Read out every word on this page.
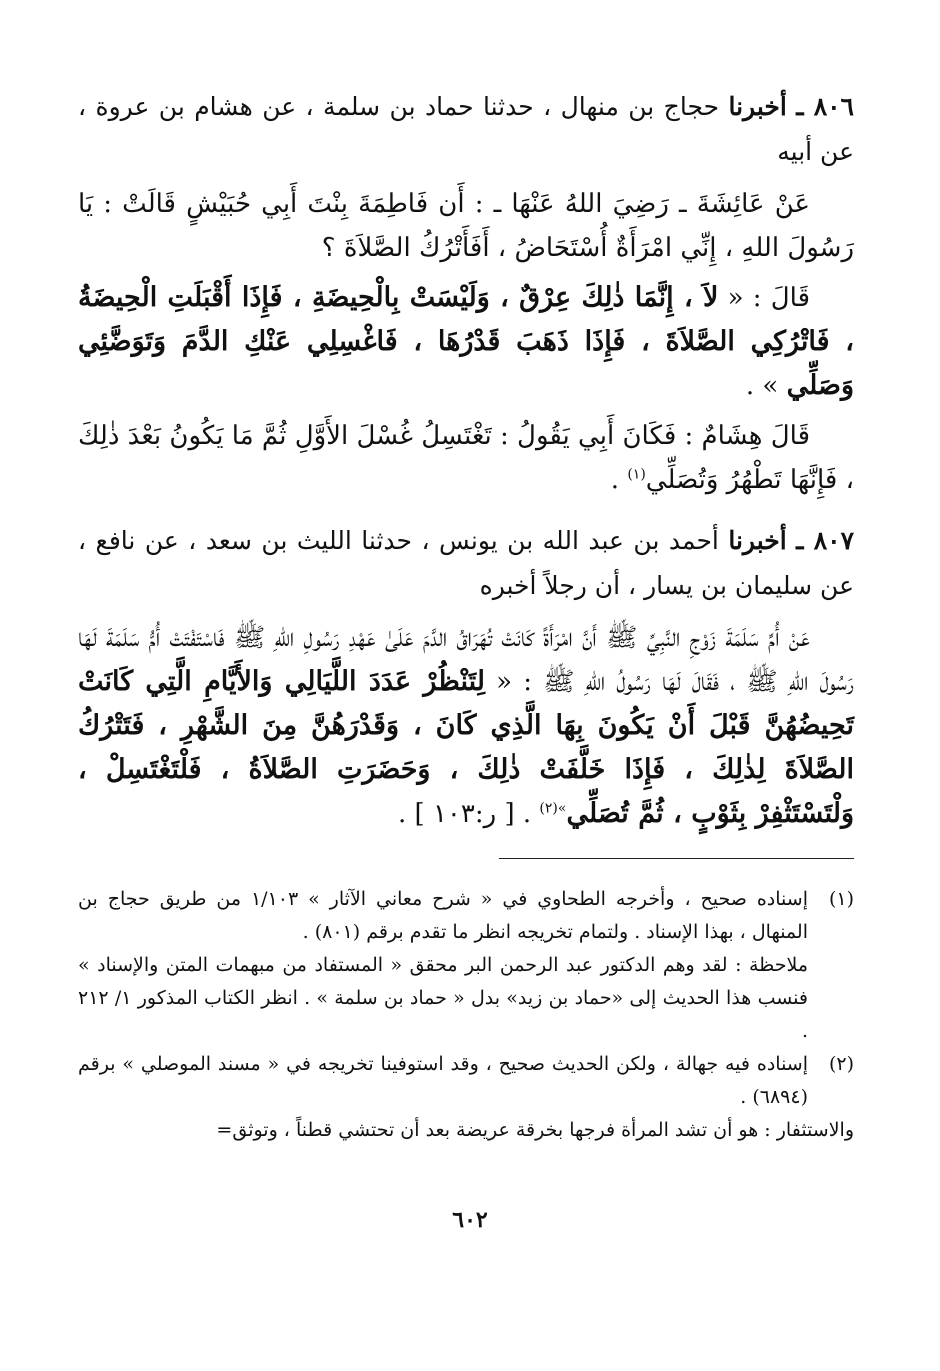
٨٠٦ ـ أخبرنا حجاج بن منهال ، حدثنا حماد بن سلمة ، عن هشام بن عروة ، عن أبيه

عَنْ عَائِشَةَ ـ رَضِيَ اللهُ عَنْهَا ـ : أَن فَاطِمَةَ بِنْتَ أَبِي حُبَيْشٍ قَالَتْ : يَا رَسُولَ اللهِ ، إِنِّي امْرَأَةٌ أُسْتَحَاضُ ، أَفَأَتْرُكُ الصَّلاَةَ ؟

قَالَ : « لاَ ، إِنَّمَا ذٰلِكَ عِرْقٌ ، وَلَيْسَتْ بِالْحِيضَةِ ، فَإِذَا أَقْبَلَتِ الْحِيضَةُ ، فَاتْرُكِي الصَّلاَةَ ، فَإِذَا ذَهَبَ قَدْرُهَا ، فَاغْسِلِي عَنْكِ الدَّمَ وَتَوَضَّئِي وَصَلِّي » .

قَالَ هِشَامٌ : فَكَانَ أَبِي يَقُولُ : تَغْتَسِلُ غُسْلَ الأَوَّلِ ثُمَّ مَا يَكُونُ بَعْدَ ذٰلِكَ ، فَإِنَّهَا تَطْهُرُ وَتُصَلِّي$^{(١)}$ .

٨٠٧ ـ أخبرنا أحمد بن عبد الله بن يونس ، حدثنا الليث بن سعد ، عن نافع ، عن سليمان بن يسار ، أن رجلاً أخبره

عَنْ أُمِّ سَلَمَةَ زَوْجِ النَّبِيِّ ﷺ أَنَّ امْرَأَةً كَانَتْ تُهَرَاقُ الدَّمَ عَلَىٰ عَهْدِ رَسُولِ اللهِ ﷺ فَاسْتَفْتَتْ أُمُّ سَلَمَةَ لَهَا رَسُولَ اللهِ ﷺ ، فَقَالَ لَهَا رَسُولُ اللهِ ﷺ : « لِتَنْظُرْ عَدَدَ اللَّيَالِي وَالأَيَّامِ الَّتِي كَانَتْ تَحِيضُهُنَّ قَبْلَ أَنْ يَكُونَ بِهَا الَّذِي كَانَ ، وَقَدْرَهُنَّ مِنَ الشَّهْرِ ، فَتَتْرُكُ الصَّلاَةَ لِذٰلِكَ ، فَإِذَا خَلَّفَتْ ذٰلِكَ ، وَحَضَرَتِ الصَّلاَةُ ، فَلْتَغْتَسِلْ ، وَلْتَسْتَثْفِرْ بِثَوْبٍ ، ثُمَّ تُصَلِّي$^{»(٢)}$ . [ ر:١٠٣ ] .

(١)

إسناده صحيح ، وأخرجه الطحاوي في « شرح معاني الآثار » ١/١٠٣ من طريق حجاج بن المنهال ، بهذا الإسناد . ولتمام تخريجه انظر ما تقدم برقم (٨٠١) .

ملاحظة : لقد وهم الدكتور عبد الرحمن البر محقق « المستفاد من مبهمات المتن والإسناد » فنسب هذا الحديث إلى «حماد بن زيد» بدل « حماد بن سلمة » . انظر الكتاب المذكور ١/ ٢١٢ .

(٢)

إسناده فيه جهالة ، ولكن الحديث صحيح ، وقد استوفينا تخريجه في « مسند الموصلي » برقم (٦٨٩٤) .

والاستثفار : هو أن تشد المرأة فرجها بخرقة عريضة بعد أن تحتشي قطناً ، وتوثق=

٦٠٢
